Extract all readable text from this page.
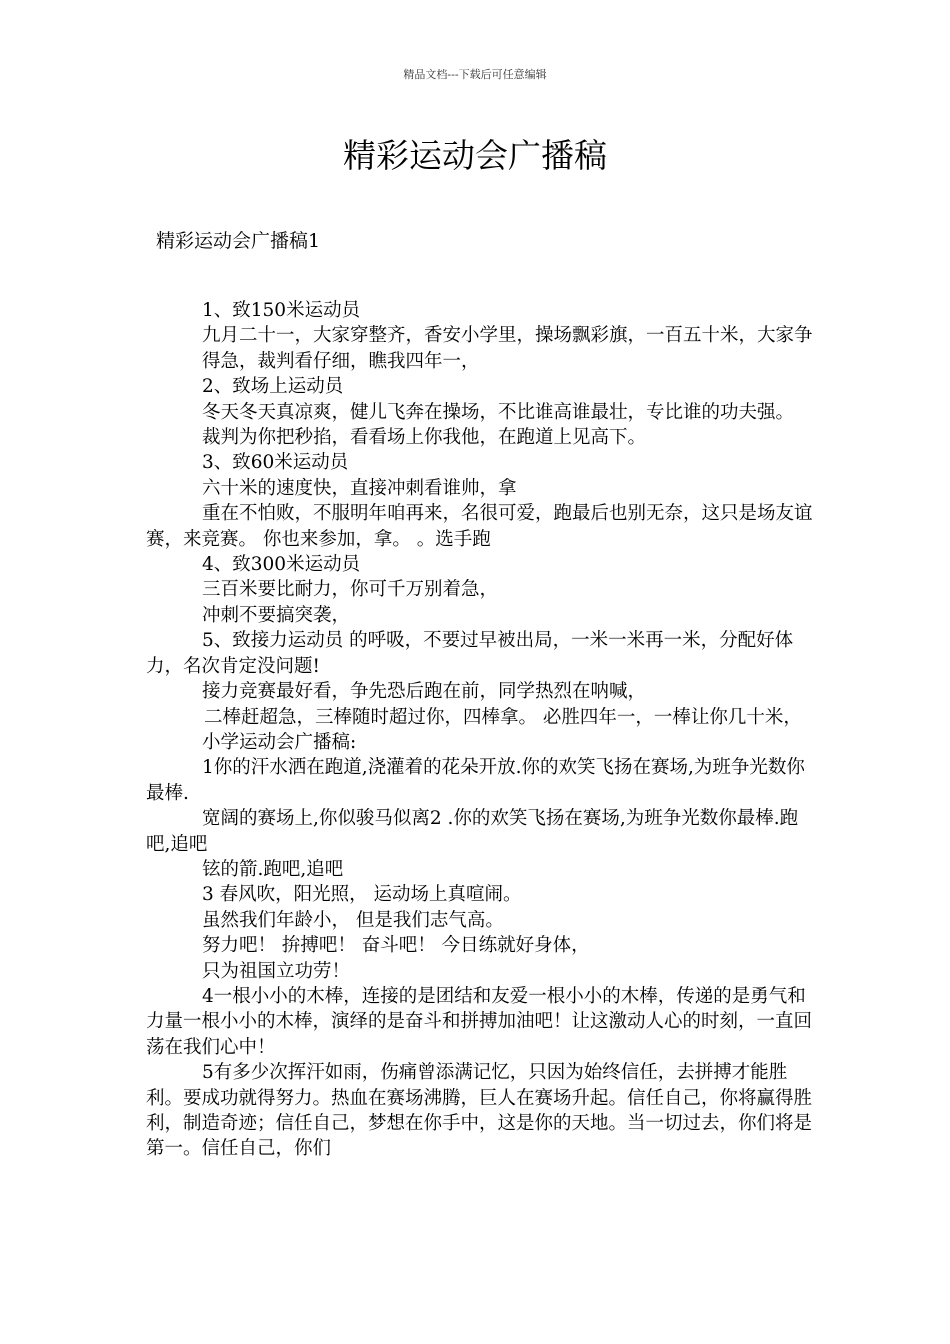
精品文档---下载后可任意编辑
精彩运动会广播稿

精彩运动会广播稿1

1、致150米运动员

九月二十一，大家穿整齐，香安小学里，操场飘彩旗，一百五十米，大家争

得急，裁判看仔细，瞧我四年一，

2、致场上运动员

冬天冬天真凉爽，健儿飞奔在操场，不比谁高谁最壮，专比谁的功夫强。

裁判为你把秒掐，看看场上你我他，在跑道上见高下。

3、致60米运动员

六十米的速度快，直接冲刺看谁帅，拿

重在不怕败，不服明年咱再来，名很可爱，跑最后也别无奈，这只是场友谊赛，来竞赛。 你也来参加，拿。 。选手跑

4、致300米运动员

三百米要比耐力，你可千万别着急，

冲刺不要搞突袭，

5、致接力运动员 的呼吸，不要过早被出局，一米一米再一米，分配好体力，名次肯定没问题!

接力竞赛最好看，争先恐后跑在前，同学热烈在呐喊，

二棒赶超急，三棒随时超过你，四棒拿。 必胜四年一，一棒让你几十米，

小学运动会广播稿:

1你的汗水洒在跑道,浇灌着的花朵开放.你的欢笑飞扬在赛场,为班争光数你最棒.

宽阔的赛场上,你似骏马似离2 .你的欢笑飞扬在赛场,为班争光数你最棒.跑吧,追吧

铉的箭.跑吧,追吧

3 春风吹，阳光照， 运动场上真喧闹。

虽然我们年龄小， 但是我们志气高。

努力吧！ 拚搏吧！ 奋斗吧！ 今日练就好身体，

只为祖国立功劳！

4一根小小的木棒，连接的是团结和友爱一根小小的木棒，传递的是勇气和力量一根小小的木棒，演绎的是奋斗和拼搏加油吧！让这激动人心的时刻，一直回荡在我们心中！

5有多少次挥汗如雨，伤痛曾添满记忆，只因为始终信任，去拼搏才能胜利。要成功就得努力。热血在赛场沸腾，巨人在赛场升起。信任自己，你将赢得胜利，制造奇迹；信任自己，梦想在你手中，这是你的天地。当一切过去，你们将是第一。信任自己，你们
